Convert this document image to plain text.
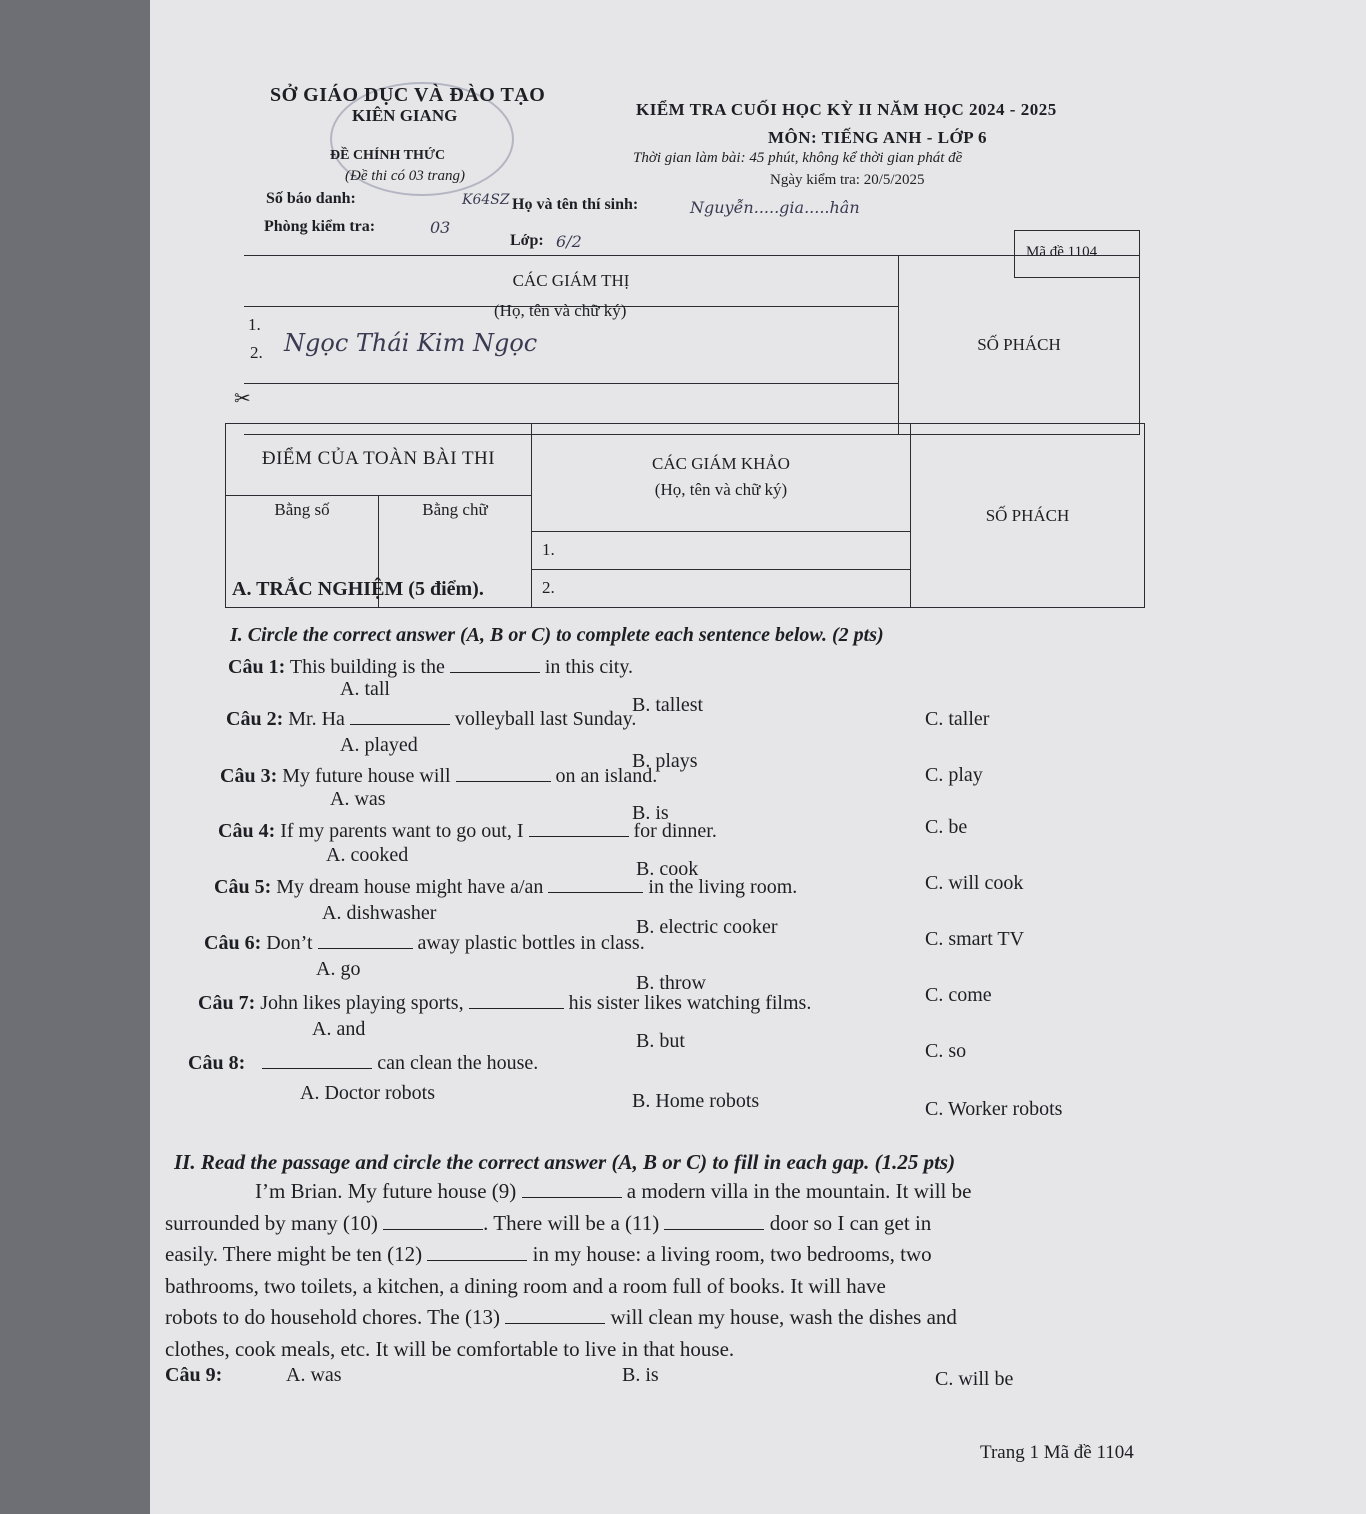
SỞ GIÁO DỤC VÀ ĐÀO TẠO
KIÊN GIANG
ĐỀ CHÍNH THỨC
(Đề thi có 03 trang)
KIỂM TRA CUỐI HỌC KỲ II NĂM HỌC 2024 - 2025
MÔN: TIẾNG ANH - LỚP 6
Thời gian làm bài: 45 phút, không kể thời gian phát đề
Ngày kiểm tra: 20/5/2025
Số báo danh:	K64SZ Họ và tên thí sinh:	Nguyễn.....gia.....hân
Phòng kiểm tra:	03
Lớp: 6/2
Mã đề 1104
CÁC GIÁM THỊ	SỐ PHÁCH

1.
(Họ, tên và chữ ký)
2. Ngọc Thái Kim Ngọc

✂
ĐIỂM CỦA TOÀN BÀI THI		CÁC GIÁM KHẢO
(Họ, tên và chữ ký)	SỐ PHÁCH
Bằng số	Bằng chữ		
		1.	
		2.	
A. TRẮC NGHIỆM (5 điểm).
I. Circle the correct answer (A, B or C) to complete each sentence below. (2 pts)
Câu 1: This building is the	in this city.
A. tall
B. tallest
C. taller
Câu 2: Mr. Ha	volleyball last Sunday.
A. played
B. plays
C. play
Câu 3: My future house will	on an island.
A. was
B. is
C. be
Câu 4: If my parents want to go out, I	for dinner.
A. cooked
B. cook
C. will cook
Câu 5: My dream house might have a/an	in the living room.
A. dishwasher
B. electric cooker
C. smart TV
Câu 6: Don’t	away plastic bottles in class.
A. go
B. throw
C. come
Câu 7: John likes playing sports,	his sister likes watching films.
A. and
B. but	C. so
Câu 8:	can clean the house.
A. Doctor robots	B. Home robots	C. Worker robots
II. Read the passage and circle the correct answer (A, B or C) to fill in each gap. (1.25 pts)
I’m Brian. My future house (9)	a modern villa in the mountain. It will be
surrounded by many (10)	. There will be a (11)	door so I can get in
easily. There might be ten (12)	in my house: a living room, two bedrooms, two
bathrooms, two toilets, a kitchen, a dining room and a room full of books. It will have
robots to do household chores. The (13)	will clean my house, wash the dishes and
clothes, cook meals, etc. It will be comfortable to live in that house.
Câu 9:	A. was	B. is	C. will be
Trang 1 Mã đề 1104
